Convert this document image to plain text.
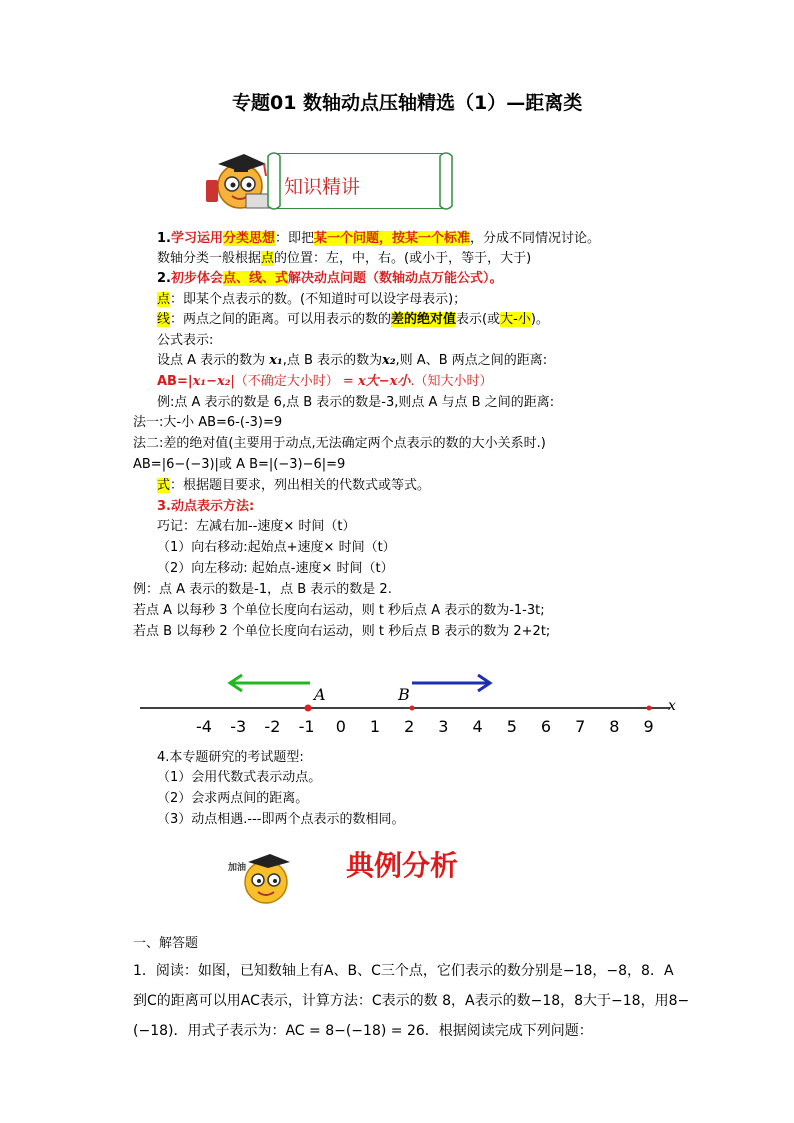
专题01 数轴动点压轴精选（1）—距离类
知识精讲
1.学习运用分类思想：即把某一个问题，按某一个标准，分成不同情况讨论。
数轴分类一般根据点的位置：左，中，右。(或小于，等于，大于)
2.初步体会点、线、式解决动点问题（数轴动点万能公式）。
点：即某个点表示的数。(不知道时可以设字母表示)；
线：两点之间的距离。可以用表示的数的差的绝对值表示(或大-小)。
公式表示:
设点 A 表示的数为 x₁,点 B 表示的数为x₂,则 A、B 两点之间的距离:
AB=|x₁−x₂|（不确定大小时） = x大−x小.（知大小时）
例:点 A 表示的数是 6,点 B 表示的数是-3,则点 A 与点 B 之间的距离:
法一:大-小 AB=6-(-3)=9
法二:差的绝对值(主要用于动点,无法确定两个点表示的数的大小关系时.)
AB=|6−(−3)|或 A B=|(−3)−6|=9
式：根据题目要求，列出相关的代数式或等式。
3.动点表示方法:
巧记：左减右加--速度× 时间（t）
（1）向右移动:起始点+速度× 时间（t）
（2）向左移动: 起始点-速度× 时间（t）
例：点 A 表示的数是-1，点 B 表示的数是 2.
若点 A 以每秒 3 个单位长度向右运动，则 t 秒后点 A 表示的数为-1-3t;
若点 B 以每秒 2 个单位长度向右运动，则 t 秒后点 B 表示的数为 2+2t;
-4 -3 -2 -1 0 1 2 3 4 5 6 7 8 9
A	B
x
4.本专题研究的考试题型:
（1）会用代数式表示动点。
（2）会求两点间的距离。
（3）动点相遇.---即两个点表示的数相同。
加油	典例分析
一、解答题
1．阅读：如图，已知数轴上有A、B、C三个点，它们表示的数分别是−18，−8，8．A
到C的距离可以用AC表示，计算方法：C表示的数 8，A表示的数−18，8大于−18，用8−
(−18)．用式子表示为：AC = 8−(−18) = 26．根据阅读完成下列问题：
